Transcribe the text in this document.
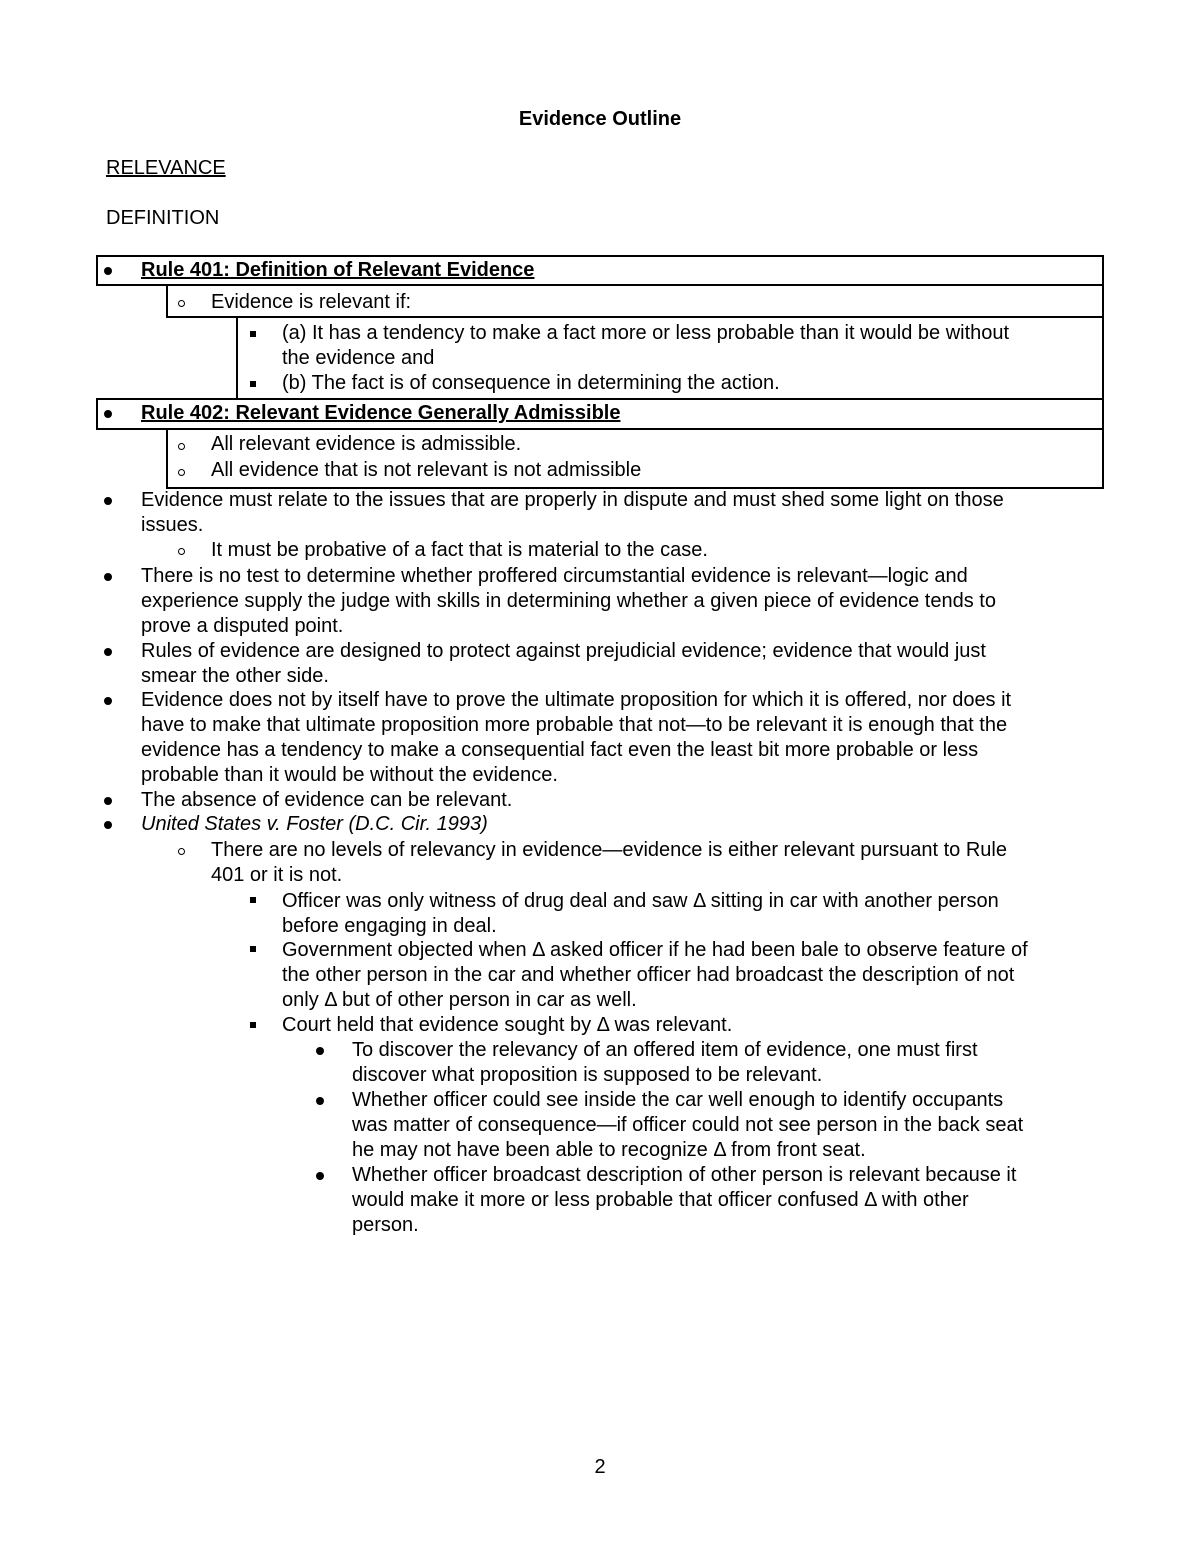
Evidence Outline
RELEVANCE
DEFINITION
Rule 401: Definition of Relevant Evidence
Evidence is relevant if:
(a) It has a tendency to make a fact more or less probable than it would be without
the evidence and
(b) The fact is of consequence in determining the action.
Rule 402: Relevant Evidence Generally Admissible
All relevant evidence is admissible.
All evidence that is not relevant is not admissible
Evidence must relate to the issues that are properly in dispute and must shed some light on those
issues.
It must be probative of a fact that is material to the case.
There is no test to determine whether proffered circumstantial evidence is relevant—logic and
experience supply the judge with skills in determining whether a given piece of evidence tends to
prove a disputed point.
Rules of evidence are designed to protect against prejudicial evidence; evidence that would just
smear the other side.
Evidence does not by itself have to prove the ultimate proposition for which it is offered, nor does it
have to make that ultimate proposition more probable that not—to be relevant it is enough that the
evidence has a tendency to make a consequential fact even the least bit more probable or less
probable than it would be without the evidence.
The absence of evidence can be relevant.
United States v. Foster (D.C. Cir. 1993)
There are no levels of relevancy in evidence—evidence is either relevant pursuant to Rule
401 or it is not.
Officer was only witness of drug deal and saw Δ sitting in car with another person
before engaging in deal.
Government objected when Δ asked officer if he had been bale to observe feature of
the other person in the car and whether officer had broadcast the description of not
only Δ but of other person in car as well.
Court held that evidence sought by Δ was relevant.
To discover the relevancy of an offered item of evidence, one must first
discover what proposition is supposed to be relevant.
Whether officer could see inside the car well enough to identify occupants
was matter of consequence—if officer could not see person in the back seat
he may not have been able to recognize Δ from front seat.
Whether officer broadcast description of other person is relevant because it
would make it more or less probable that officer confused Δ with other
person.
2
